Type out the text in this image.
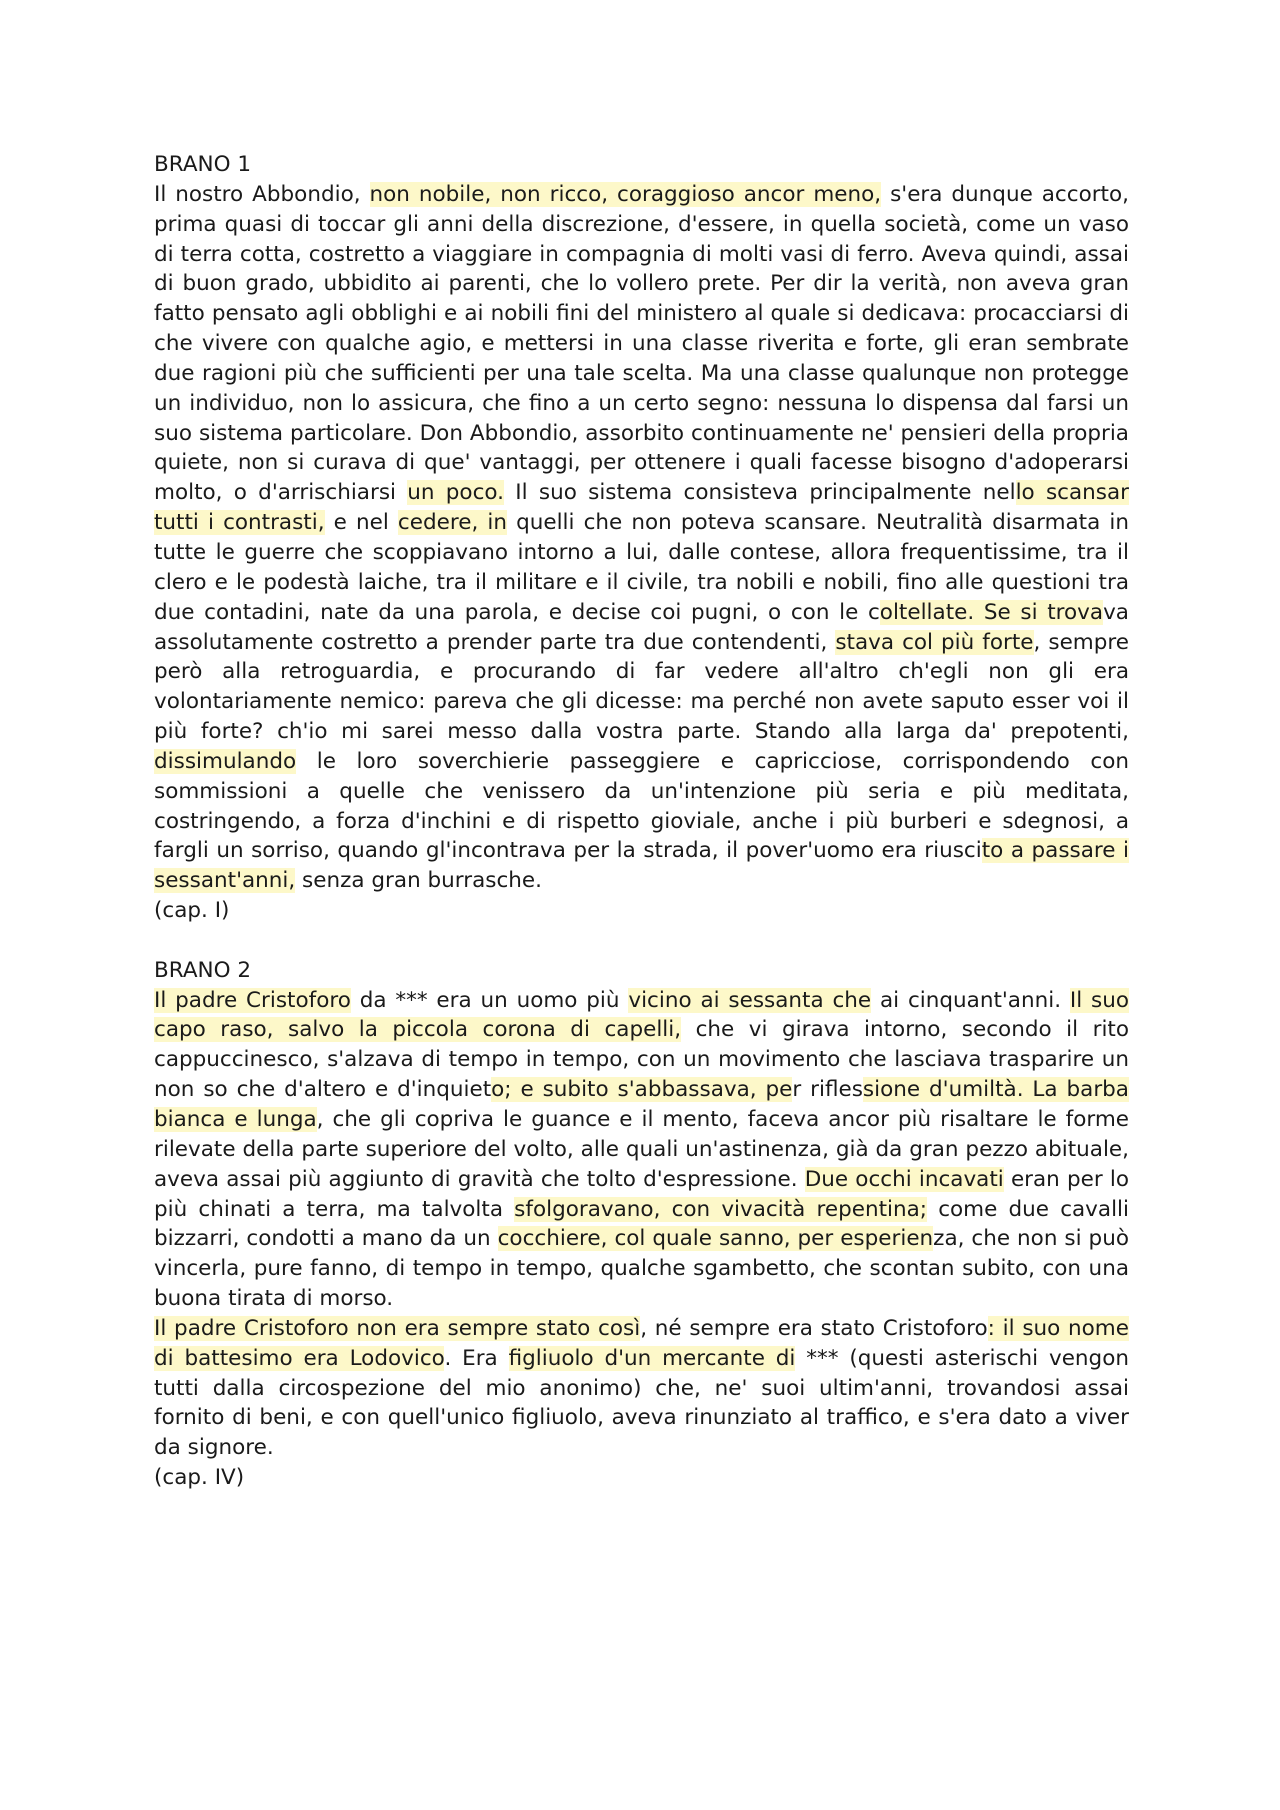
BRANO 1

Il nostro Abbondio, non nobile, non ricco, coraggioso ancor meno, s'era dunque accorto, prima quasi di toccar gli anni della discrezione, d'essere, in quella società, come un vaso di terra cotta, costretto a viaggiare in compagnia di molti vasi di ferro. Aveva quindi, assai di buon grado, ubbidito ai parenti, che lo vollero prete. Per dir la verità, non aveva gran fatto pensato agli obblighi e ai nobili fini del ministero al quale si dedicava: procacciarsi di che vivere con qualche agio, e mettersi in una classe riverita e forte, gli eran sembrate due ragioni più che sufficienti per una tale scelta. Ma una classe qualunque non protegge un individuo, non lo assicura, che fino a un certo segno: nessuna lo dispensa dal farsi un suo sistema particolare. Don Abbondio, assorbito continuamente ne' pensieri della propria quiete, non si curava di que' vantaggi, per ottenere i quali facesse bisogno d'adoperarsi molto, o d'arrischiarsi un poco. Il suo sistema consisteva principalmente nello scansar tutti i contrasti, e nel cedere, in quelli che non poteva scansare. Neutralità disarmata in tutte le guerre che scoppiavano intorno a lui, dalle contese, allora frequentissime, tra il clero e le podestà laiche, tra il militare e il civile, tra nobili e nobili, fino alle questioni tra due contadini, nate da una parola, e decise coi pugni, o con le coltellate. Se si trovava assolutamente costretto a prender parte tra due contendenti, stava col più forte, sempre però alla retroguardia, e procurando di far vedere all'altro ch'egli non gli era volontariamente nemico: pareva che gli dicesse: ma perché non avete saputo esser voi il più forte? ch'io mi sarei messo dalla vostra parte. Stando alla larga da' prepotenti, dissimulando le loro soverchierie passeggiere e capricciose, corrispondendo con sommissioni a quelle che venissero da un'intenzione più seria e più meditata, costringendo, a forza d'inchini e di rispetto gioviale, anche i più burberi e sdegnosi, a fargli un sorriso, quando gl'incontrava per la strada, il pover'uomo era riuscito a passare i sessant'anni, senza gran burrasche.

(cap. I)
BRANO 2

Il padre Cristoforo da *** era un uomo più vicino ai sessanta che ai cinquant'anni. Il suo capo raso, salvo la piccola corona di capelli, che vi girava intorno, secondo il rito cappuccinesco, s'alzava di tempo in tempo, con un movimento che lasciava trasparire un non so che d'altero e d'inquieto; e subito s'abbassava, per riflessione d'umiltà. La barba bianca e lunga, che gli copriva le guance e il mento, faceva ancor più risaltare le forme rilevate della parte superiore del volto, alle quali un'astinenza, già da gran pezzo abituale, aveva assai più aggiunto di gravità che tolto d'espressione. Due occhi incavati eran per lo più chinati a terra, ma talvolta sfolgoravano, con vivacità repentina; come due cavalli bizzarri, condotti a mano da un cocchiere, col quale sanno, per esperienza, che non si può vincerla, pure fanno, di tempo in tempo, qualche sgambetto, che scontan subito, con una buona tirata di morso.

Il padre Cristoforo non era sempre stato così, né sempre era stato Cristoforo: il suo nome di battesimo era Lodovico. Era figliuolo d'un mercante di *** (questi asterischi vengon tutti dalla circospezione del mio anonimo) che, ne' suoi ultim'anni, trovandosi assai fornito di beni, e con quell'unico figliuolo, aveva rinunziato al traffico, e s'era dato a viver da signore.

(cap. IV)
